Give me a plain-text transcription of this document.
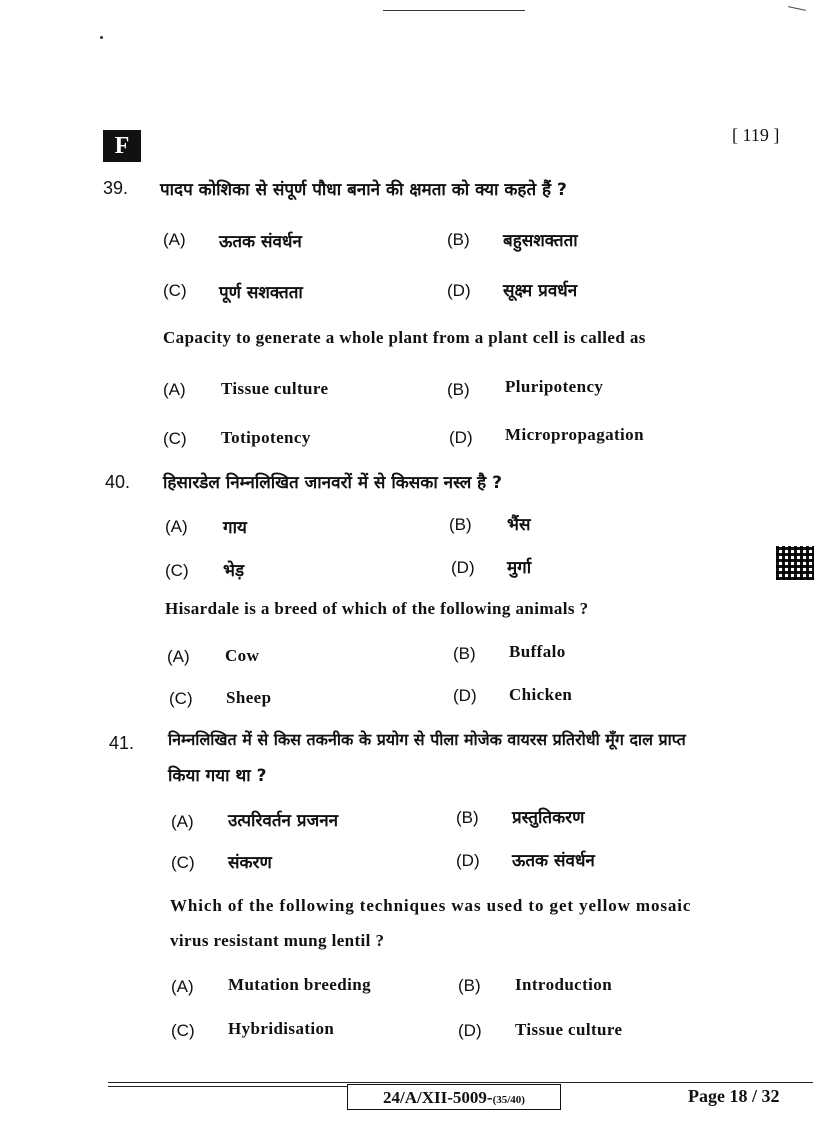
F	[ 119 ]
39. पादप कोशिका से संपूर्ण पौधा बनाने की क्षमता को क्या कहते हैं ?
(A) ऊतक संवर्धन	(B) बहुसशक्तता
(C) पूर्ण सशक्तता	(D) सूक्ष्म प्रवर्धन
Capacity to generate a whole plant from a plant cell is called as
(A) Tissue culture	(B) Pluripotency
(C) Totipotency	(D) Micropropagation
40. हिसारडेल निम्नलिखित जानवरों में से किसका नस्ल है ?
(A) गाय	(B) भैंस
(C) भेड़	(D) मुर्गा
Hisardale is a breed of which of the following animals ?
(A) Cow	(B) Buffalo
(C) Sheep	(D) Chicken
41. निम्नलिखित में से किस तकनीक के प्रयोग से पीला मोजेक वायरस प्रतिरोधी मूँग दाल प्राप्त
किया गया था ?
(A) उत्परिवर्तन प्रजनन	(B) प्रस्तुतिकरण
(C) संकरण	(D) ऊतक संवर्धन
Which of the following techniques was used to get yellow mosaic
virus resistant mung lentil ?
(A) Mutation breeding	(B) Introduction
(C) Hybridisation	(D) Tissue culture
24/A/XII-5009-(35/40)	Page 18 / 32
